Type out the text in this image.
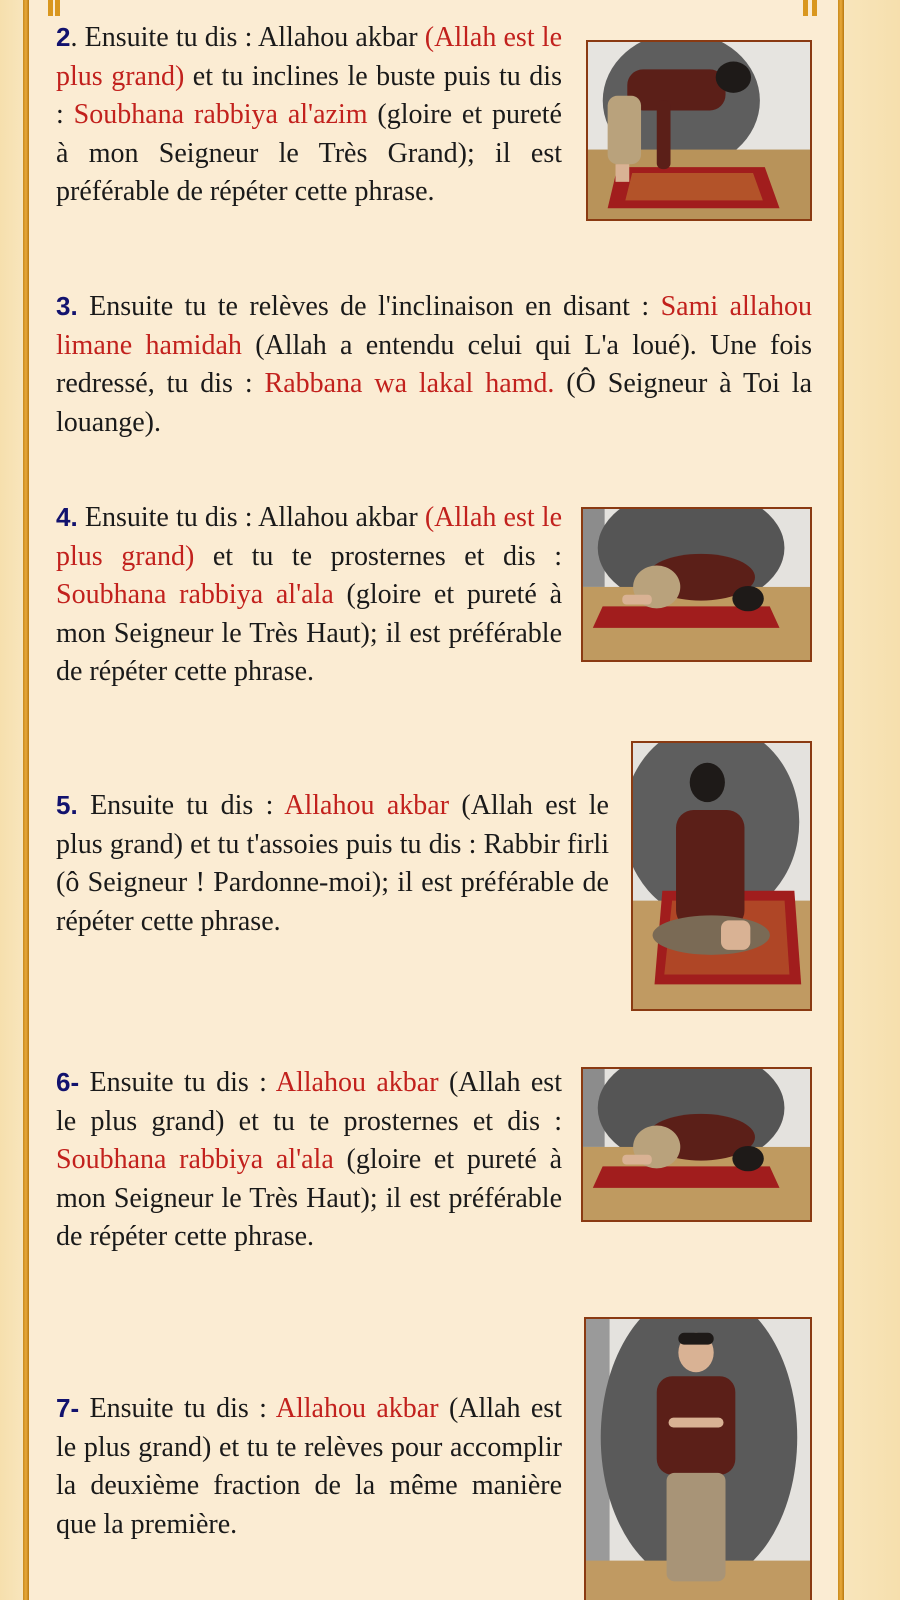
2. Ensuite tu dis : Allahou akbar (Allah est le plus grand) et tu inclines le buste puis tu dis : Soubhana rabbiya al'azim (gloire et pureté à mon Seigneur le Très Grand); il est préférable de répéter cette phrase.
3. Ensuite tu te relèves de l'inclinaison en disant : Sami allahou limane hamidah (Allah a entendu celui qui L'a loué). Une fois redressé, tu dis : Rabbana wa lakal hamd. (Ô Seigneur à Toi la louange).
4. Ensuite tu dis : Allahou akbar (Allah est le plus grand) et tu te prosternes et dis : Soubhana rabbiya al'ala (gloire et pureté à mon Seigneur le Très Haut); il est préférable de répéter cette phrase.
5. Ensuite tu dis : Allahou akbar (Allah est le plus grand) et tu t'assoies puis tu dis : Rabbir firli (ô Seigneur ! Pardonne-moi); il est préférable de répéter cette phrase.
6- Ensuite tu dis : Allahou akbar (Allah est le plus grand) et tu te prosternes et dis : Soubhana rabbiya al'ala (gloire et pureté à mon Seigneur le Très Haut); il est préférable de répéter cette phrase.
7- Ensuite tu dis : Allahou akbar (Allah est le plus grand) et tu te relèves pour accomplir la deuxième fraction de la même manière que la première.
